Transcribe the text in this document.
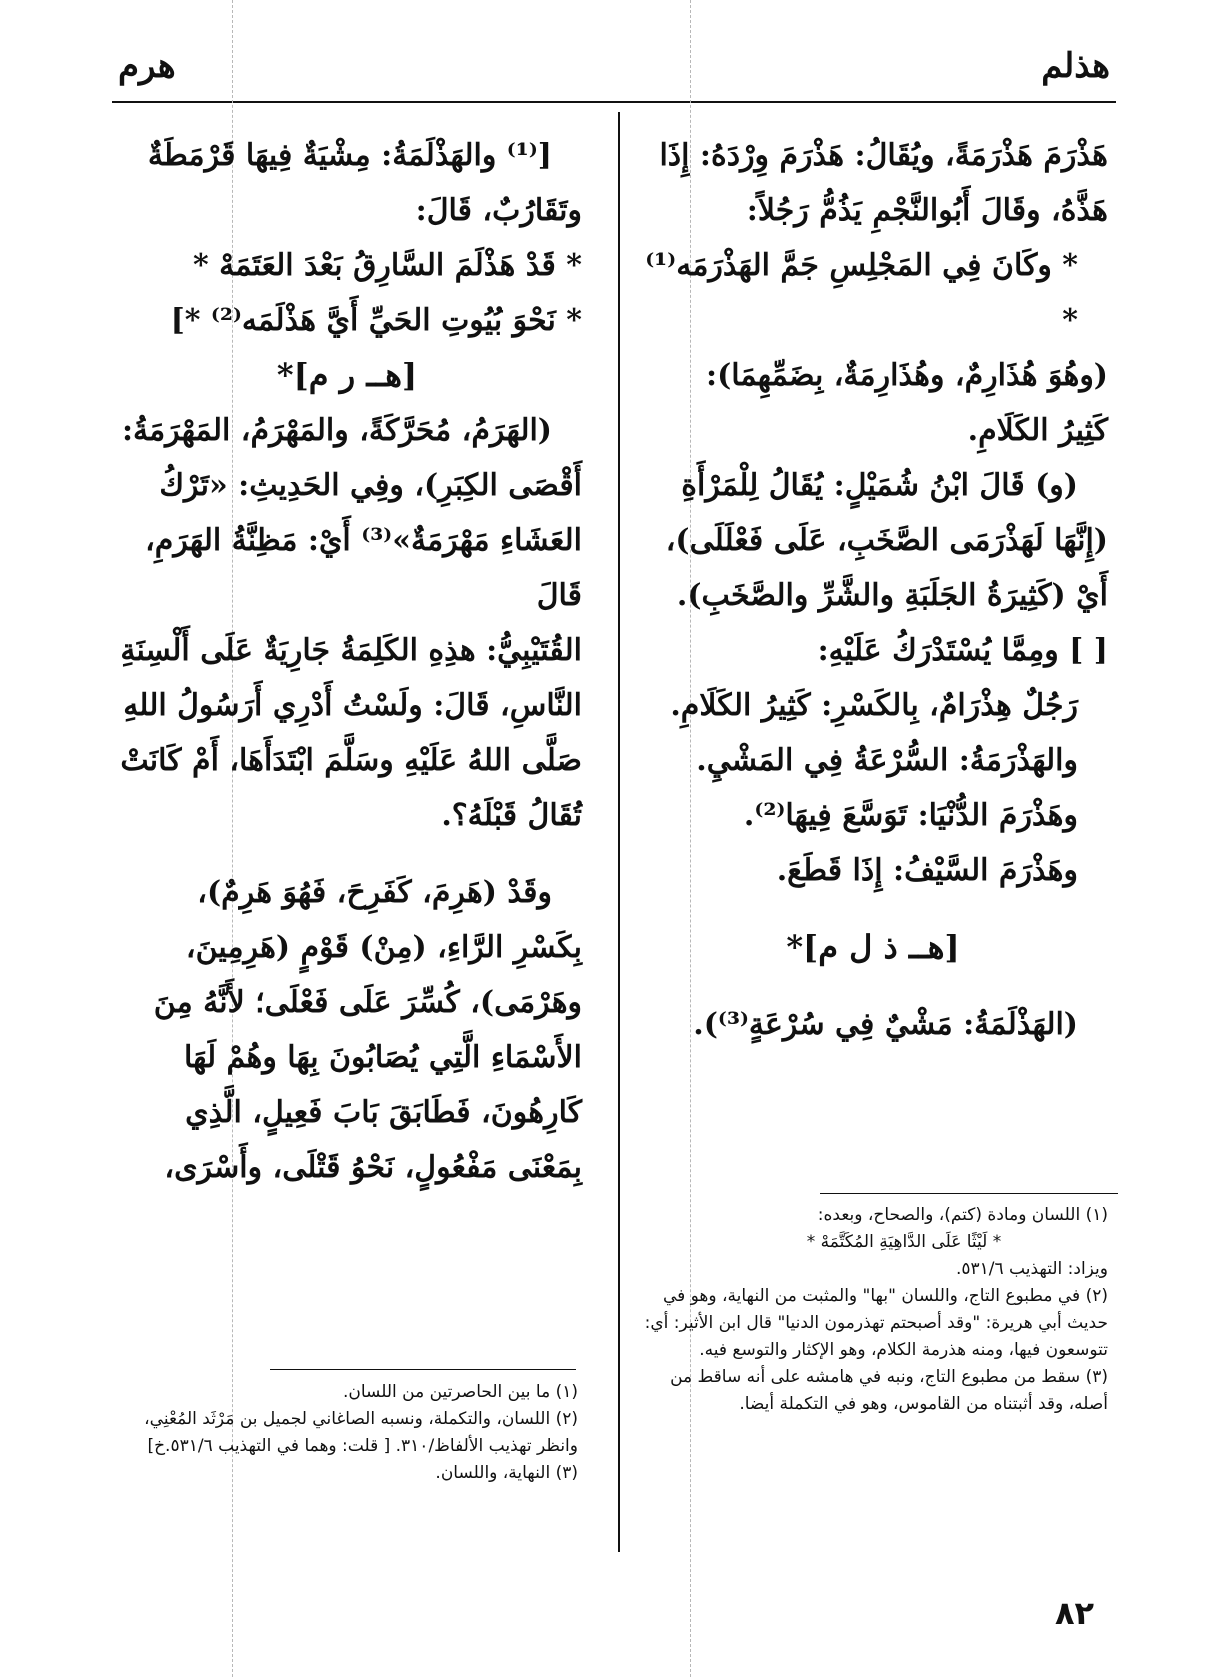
هذلم
هرم

هَذْرَمَ هَذْرَمَةً، ويُقَالُ: هَذْرَمَ وِرْدَهُ: إِذَا

هَذَّهُ، وقَالَ أَبُوالنَّجْمِ يَذُمُّ رَجُلاً:

* وكَانَ فِي المَجْلِسِ جَمَّ الهَذْرَمَه⁽¹⁾ *

(وهُوَ هُذَارِمٌ، وهُذَارِمَةٌ، بِضَمِّهِمَا):

كَثِيرُ الكَلَامِ.

(و) قَالَ ابْنُ شُمَيْلٍ: يُقَالُ لِلْمَرْأَةِ

(إِنَّهَا لَهَذْرَمَى الصَّخَبِ، عَلَى فَعْلَلَى)،

أَيْ (كَثِيرَةُ الجَلَبَةِ والشَّرِّ والصَّخَبِ).

[ ] ومِمَّا يُسْتَدْرَكُ عَلَيْهِ:

رَجُلٌ هِذْرَامٌ، بِالكَسْرِ: كَثِيرُ الكَلَامِ.

والهَذْرَمَةُ: السُّرْعَةُ فِي المَشْيِ.

وهَذْرَمَ الدُّنْيَا: تَوَسَّعَ فِيهَا⁽²⁾.

وهَذْرَمَ السَّيْفُ: إِذَا قَطَعَ.

[هــ ذ ل م]*

(الهَذْلَمَةُ: مَشْيٌ فِي سُرْعَةٍ⁽³⁾).

[⁽¹⁾ والهَذْلَمَةُ: مِشْيَةٌ فِيهَا قَرْمَطَةٌ

وتَقَارُبٌ، قَالَ:

* قَدْ هَذْلَمَ السَّارِقُ بَعْدَ العَتَمَهْ *

* نَحْوَ بُيُوتِ الحَيِّ أَيَّ هَذْلَمَه⁽²⁾ *]

[هــ ر م]*

(الهَرَمُ، مُحَرَّكَةً، والمَهْرَمُ، المَهْرَمَةُ:

أَقْصَى الكِبَرِ)، وفِي الحَدِيثِ: «تَرْكُ

العَشَاءِ مَهْرَمَةٌ»⁽³⁾ أَيْ: مَظِنَّةُ الهَرَمِ، قَالَ

القُتَيْبِيُّ: هذِهِ الكَلِمَةُ جَارِيَةٌ عَلَى أَلْسِنَةِ

النَّاسِ، قَالَ: ولَسْتُ أَدْرِي أَرَسُولُ اللهِ

صَلَّى اللهُ عَلَيْهِ وسَلَّمَ ابْتَدَأَهَا، أَمْ كَانَتْ

تُقَالُ قَبْلَهُ؟.

وقَدْ (هَرِمَ، كَفَرِحَ، فَهُوَ هَرِمٌ)،

بِكَسْرِ الرَّاءِ، (مِنْ) قَوْمٍ (هَرِمِينَ،

وهَرْمَى)، كُسِّرَ عَلَى فَعْلَى؛ لأَنَّهُ مِنَ

الأَسْمَاءِ الَّتِي يُصَابُونَ بِهَا وهُمْ لَهَا

كَارِهُونَ، فَطَابَقَ بَابَ فَعِيلٍ، الَّذِي

بِمَعْنَى مَفْعُولٍ، نَحْوُ قَتْلَى، وأَسْرَى،

(١) اللسان ومادة (كتم)، والصحاح، وبعده:

* لَيْثًا عَلَى الدَّاهِيَةِ المُكَتَّمَهْ *

ويزاد: التهذيب ٥٣١/٦.

(٢) في مطبوع التاج، واللسان "بها" والمثبت من النهاية، وهو في حديث أبي هريرة: "وقد أصبحتم تهذرمون الدنيا" قال ابن الأثير: أي: تتوسعون فيها، ومنه هذرمة الكلام، وهو الإكثار والتوسع فيه.

(٣) سقط من مطبوع التاج، ونبه في هامشه على أنه ساقط من أصله، وقد أثبتناه من القاموس، وهو في التكملة أيضا.

(١) ما بين الحاصرتين من اللسان.

(٢) اللسان، والتكملة، ونسبه الصاغاني لجميل بن مَرْثَد المُعْنِي، وانظر تهذيب الألفاظ/٣١٠. [ قلت: وهما في التهذيب ٥٣١/٦.خ]

(٣) النهاية، واللسان.

٨٢
